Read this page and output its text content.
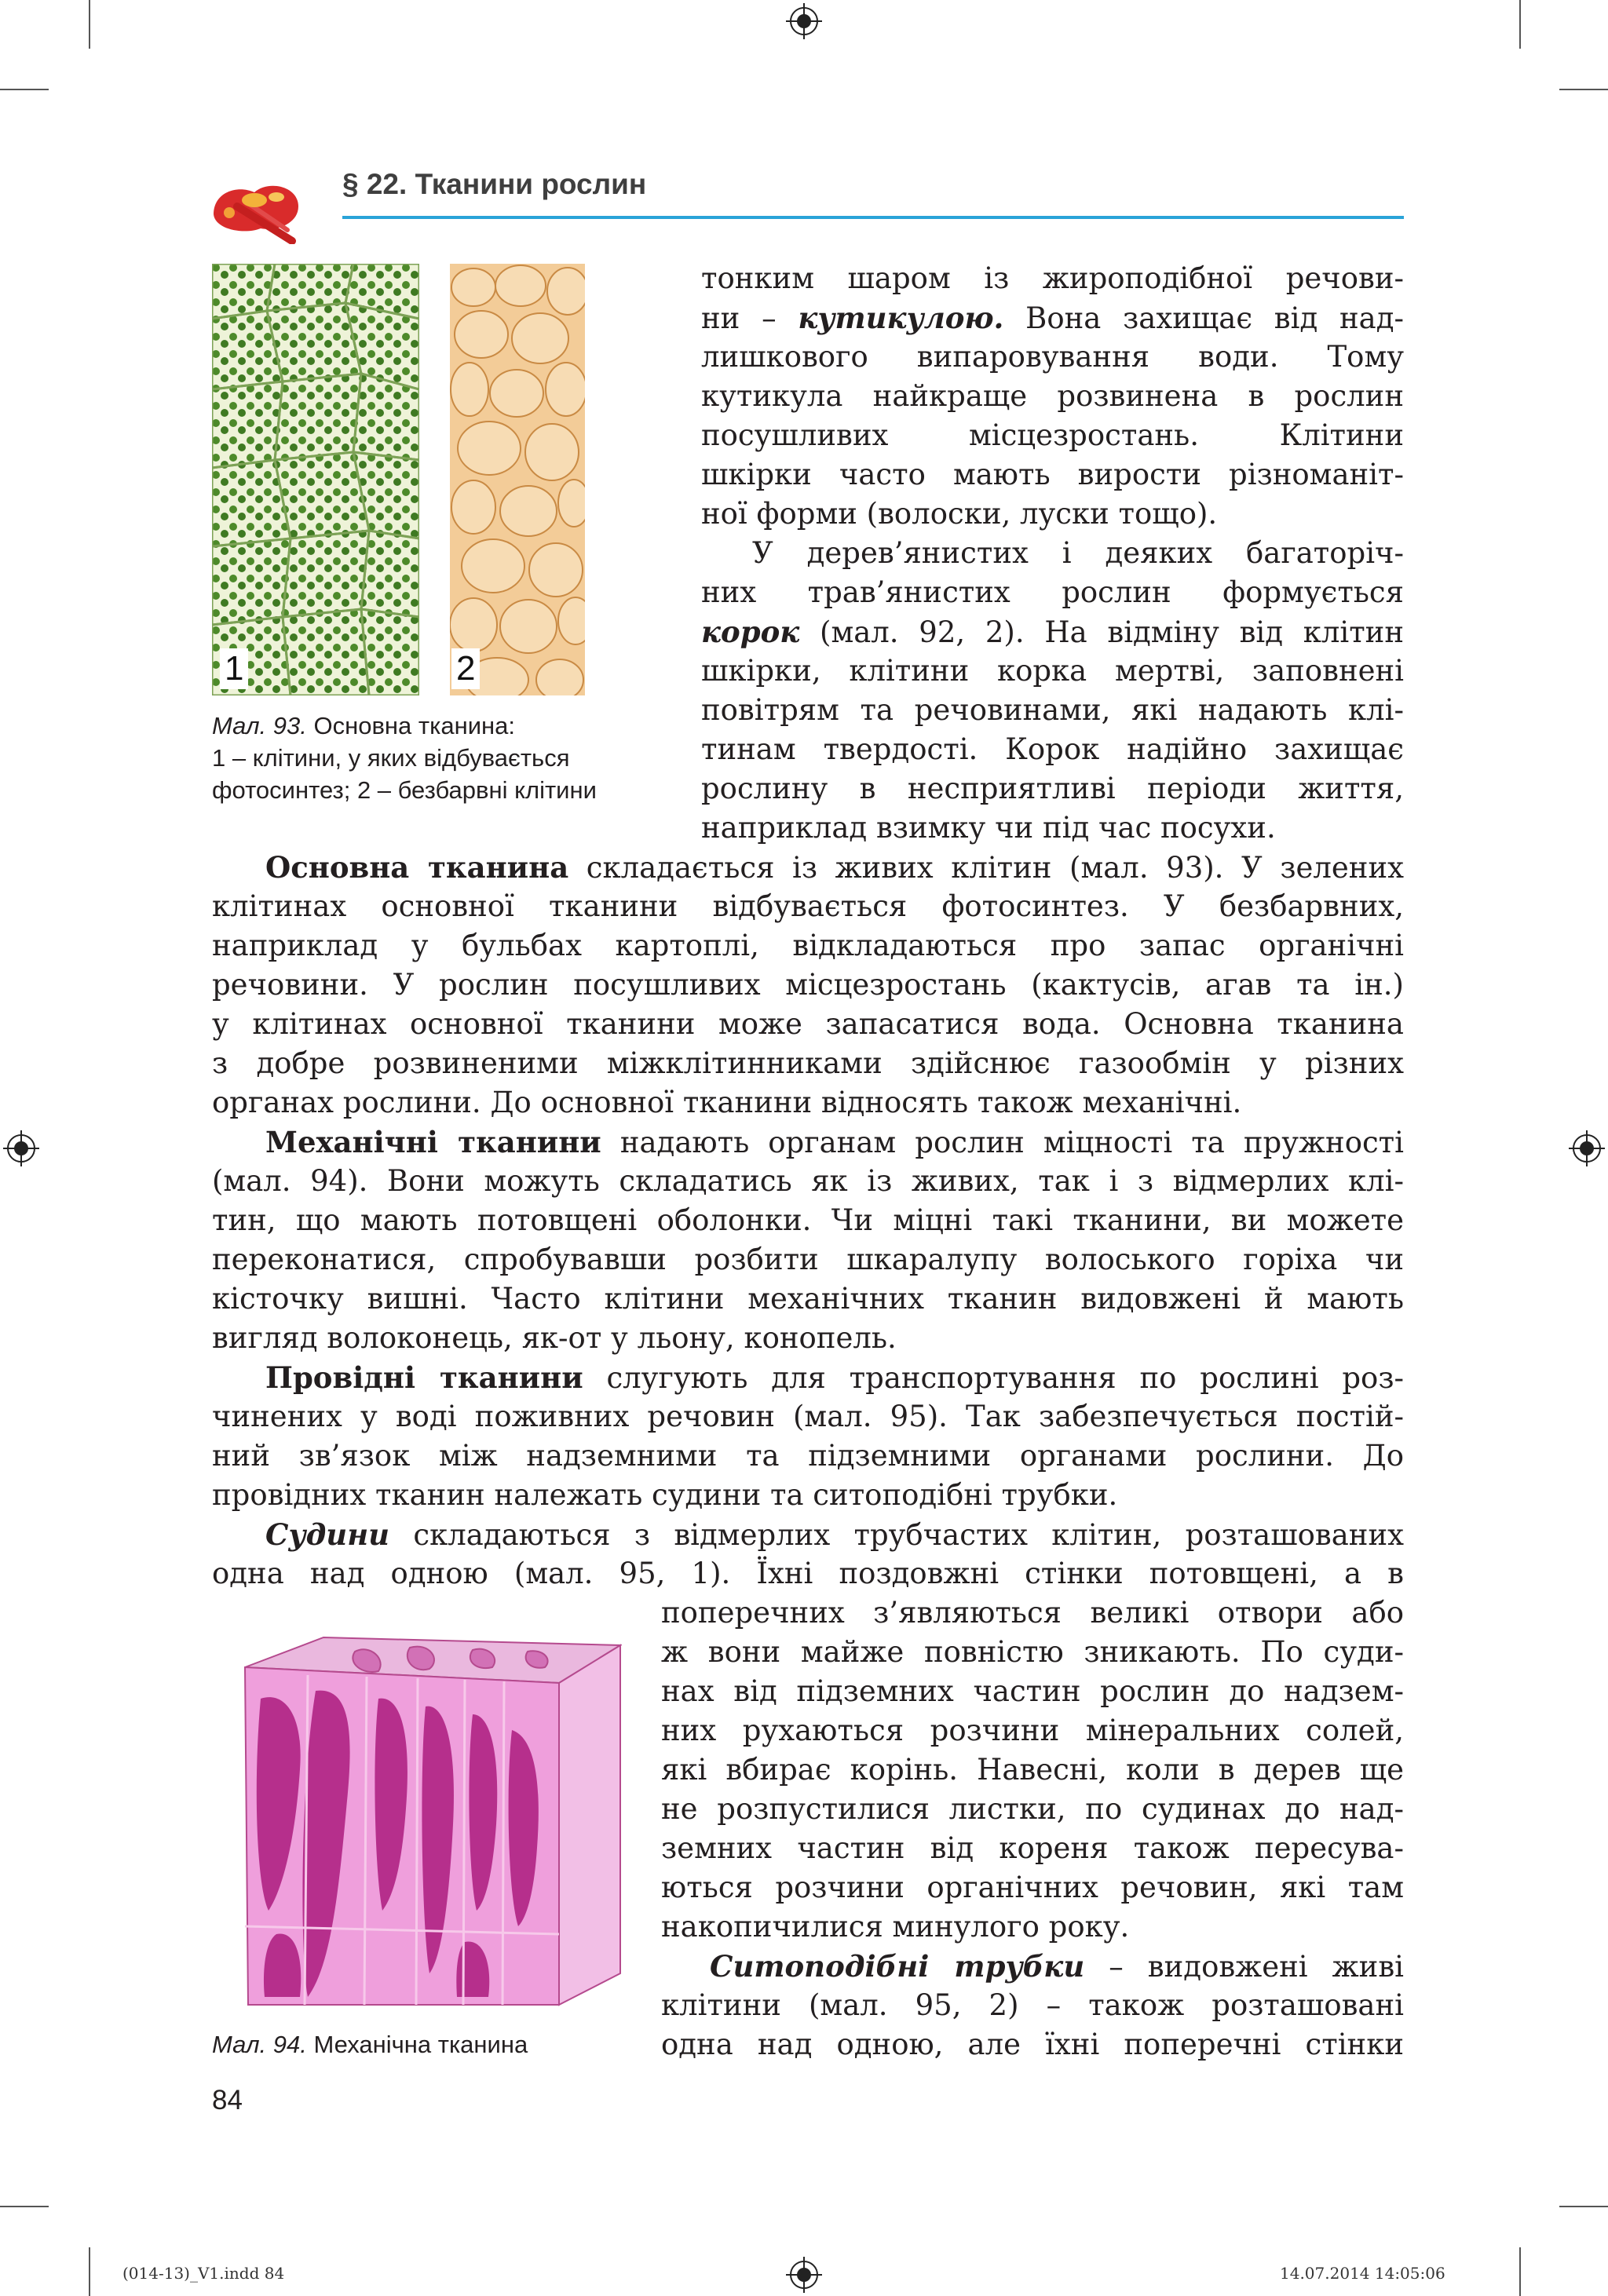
§ 22. Тканини рослин
1	2
Мал. 93. Основна тканина:
1 – клітини, у яких відбувається
фотосинтез; 2 – безбарвні клітини
тонким шаром із жироподібної речови-
ни – кутикулою. Вона захищає від над-
лишкового випаровування води. Тому
кутикула найкраще розвинена в рослин
посушливих місцезростань. Клітини
шкірки часто мають вирости різноманіт-
ної форми (волоски, луски тощо).
У дерев’янистих і деяких багаторіч-
них трав’янистих рослин формується
корок (мал. 92, 2). На відміну від клітин
шкірки, клітини корка мертві, заповнені
повітрям та речовинами, які надають клі-
тинам твердості. Корок надійно захищає
рослину в несприятливі періоди життя,
наприклад взимку чи під час посухи.
Основна тканина складається із живих клітин (мал. 93). У зелених
клітинах основної тканини відбувається фотосинтез. У безбарвних,
наприклад у бульбах картоплі, відкладаються про запас органічні
речовини. У рослин посушливих місцезростань (кактусів, агав та ін.)
у клітинах основної тканини може запасатися вода. Основна тканина
з добре розвиненими міжклітинниками здійснює газообмін у різних
органах рослини. До основної тканини відносять також механічні.
Механічні тканини надають органам рослин міцності та пружності
(мал. 94). Вони можуть складатись як із живих, так і з відмерлих клі-
тин, що мають потовщені оболонки. Чи міцні такі тканини, ви можете
переконатися, спробувавши розбити шкаралупу волоського горіха чи
кісточку вишні. Часто клітини механічних тканин видовжені й мають
вигляд волоконець, як-от у льону, конопель.
Провідні тканини слугують для транспортування по рослині роз-
чинених у воді поживних речовин (мал. 95). Так забезпечується постій-
ний зв’язок між надземними та підземними органами рослини. До
провідних тканин належать судини та ситоподібні трубки.
Судини складаються з відмерлих трубчастих клітин, розташованих
одна над одною (мал. 95, 1). Їхні поздовжні стінки потовщені, а в
поперечних з’являються великі отвори або
ж вони майже повністю зникають. По суди-
нах від підземних частин рослин до надзем-
них рухаються розчини мінеральних солей,
які вбирає корінь. Навесні, коли в дерев ще
не розпустилися листки, по судинах до над-
земних частин від кореня також пересува-
ються розчини органічних речовин, які там
накопичилися минулого року.
Ситоподібні трубки – видовжені живі
клітини (мал. 95, 2) – також розташовані
одна над одною, але їхні поперечні стінки
Мал. 94. Механічна тканина
84
(014-13)_V1.indd 84	14.07.2014 14:05:06
